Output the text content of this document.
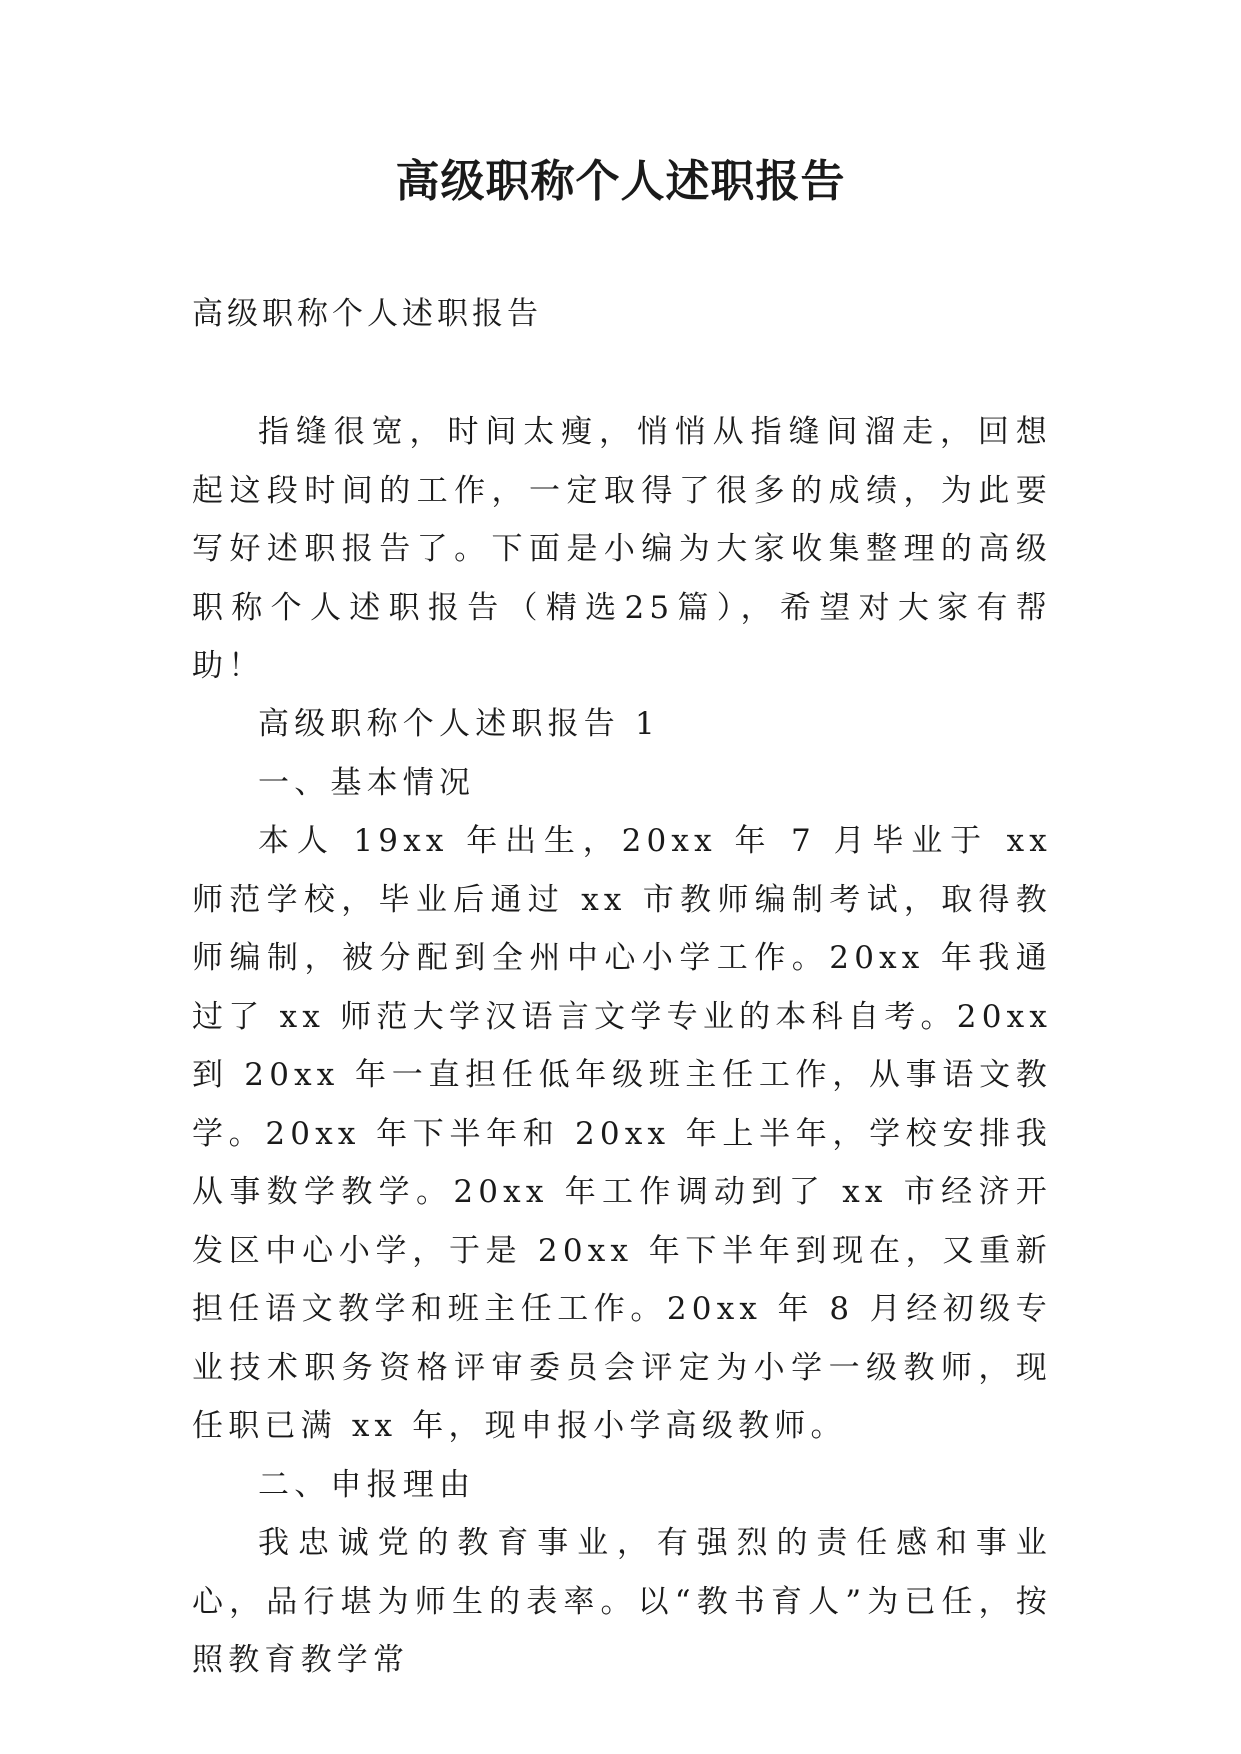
高级职称个人述职报告
高级职称个人述职报告

指缝很宽，时间太瘦，悄悄从指缝间溜走，回想起这段时间的工作，一定取得了很多的成绩，为此要写好述职报告了。下面是小编为大家收集整理的高级职称个人述职报告（精选25篇），希望对大家有帮助！

高级职称个人述职报告 1

一、基本情况

本人 19xx 年出生，20xx 年 7 月毕业于 xx 师范学校，毕业后通过 xx 市教师编制考试，取得教师编制，被分配到全州中心小学工作。20xx 年我通过了 xx 师范大学汉语言文学专业的本科自考。20xx 到 20xx 年一直担任低年级班主任工作，从事语文教学。20xx 年下半年和 20xx 年上半年，学校安排我从事数学教学。20xx 年工作调动到了 xx 市经济开发区中心小学，于是 20xx 年下半年到现在，又重新担任语文教学和班主任工作。20xx 年 8 月经初级专业技术职务资格评审委员会评定为小学一级教师，现任职已满 xx 年，现申报小学高级教师。

二、申报理由

我忠诚党的教育事业，有强烈的责任感和事业心，品行堪为师生的表率。以“教书育人”为已任，按照教育教学常
